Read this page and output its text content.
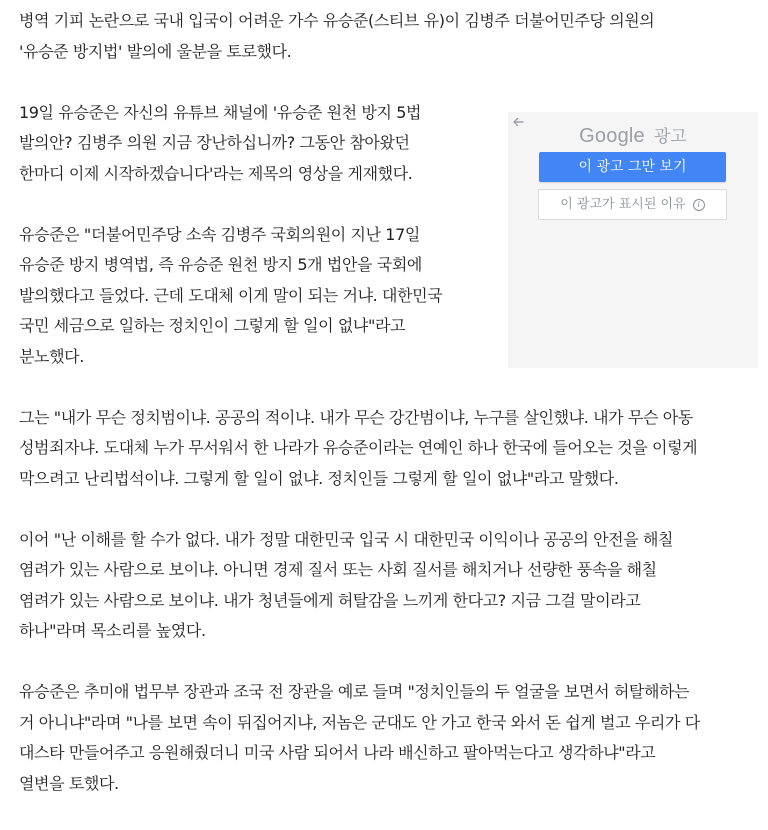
병역 기피 논란으로 국내 입국이 어려운 가수 유승준(스티브 유)이 김병주 더불어민주당 의원의
'유승준 방지법' 발의에 울분을 토로했다.

19일 유승준은 자신의 유튜브 채널에 '유승준 원천 방지 5법
발의안? 김병주 의원 지금 장난하십니까? 그동안 참아왔던
한마디 이제 시작하겠습니다'라는 제목의 영상을 게재했다.

유승준은 "더불어민주당 소속 김병주 국회의원이 지난 17일
유승준 방지 병역법, 즉 유승준 원천 방지 5개 법안을 국회에
발의했다고 들었다. 근데 도대체 이게 말이 되는 거냐. 대한민국
국민 세금으로 일하는 정치인이 그렇게 할 일이 없냐"라고
분노했다.

그는 "내가 무슨 정치범이냐. 공공의 적이냐. 내가 무슨 강간범이냐, 누구를 살인했냐. 내가 무슨 아동
성범죄자냐. 도대체 누가 무서워서 한 나라가 유승준이라는 연예인 하나 한국에 들어오는 것을 이렇게
막으려고 난리법석이냐. 그렇게 할 일이 없냐. 정치인들 그렇게 할 일이 없냐"라고 말했다.

이어 "난 이해를 할 수가 없다. 내가 정말 대한민국 입국 시 대한민국 이익이나 공공의 안전을 해칠
염려가 있는 사람으로 보이냐. 아니면 경제 질서 또는 사회 질서를 해치거나 선량한 풍속을 해칠
염려가 있는 사람으로 보이냐. 내가 청년들에게 허탈감을 느끼게 한다고? 지금 그걸 말이라고
하나"라며 목소리를 높였다.

유승준은 추미애 법무부 장관과 조국 전 장관을 예로 들며 "정치인들의 두 얼굴을 보면서 허탈해하는
거 아니냐"라며 "나를 보면 속이 뒤집어지냐, 저놈은 군대도 안 가고 한국 와서 돈 쉽게 벌고 우리가 다
대스타 만들어주고 응원해줬더니 미국 사람 되어서 나라 배신하고 팔아먹는다고 생각하냐"라고
열변을 토했다.

Google 광고
이 광고 그만 보기
이 광고가 표시된 이유 i
